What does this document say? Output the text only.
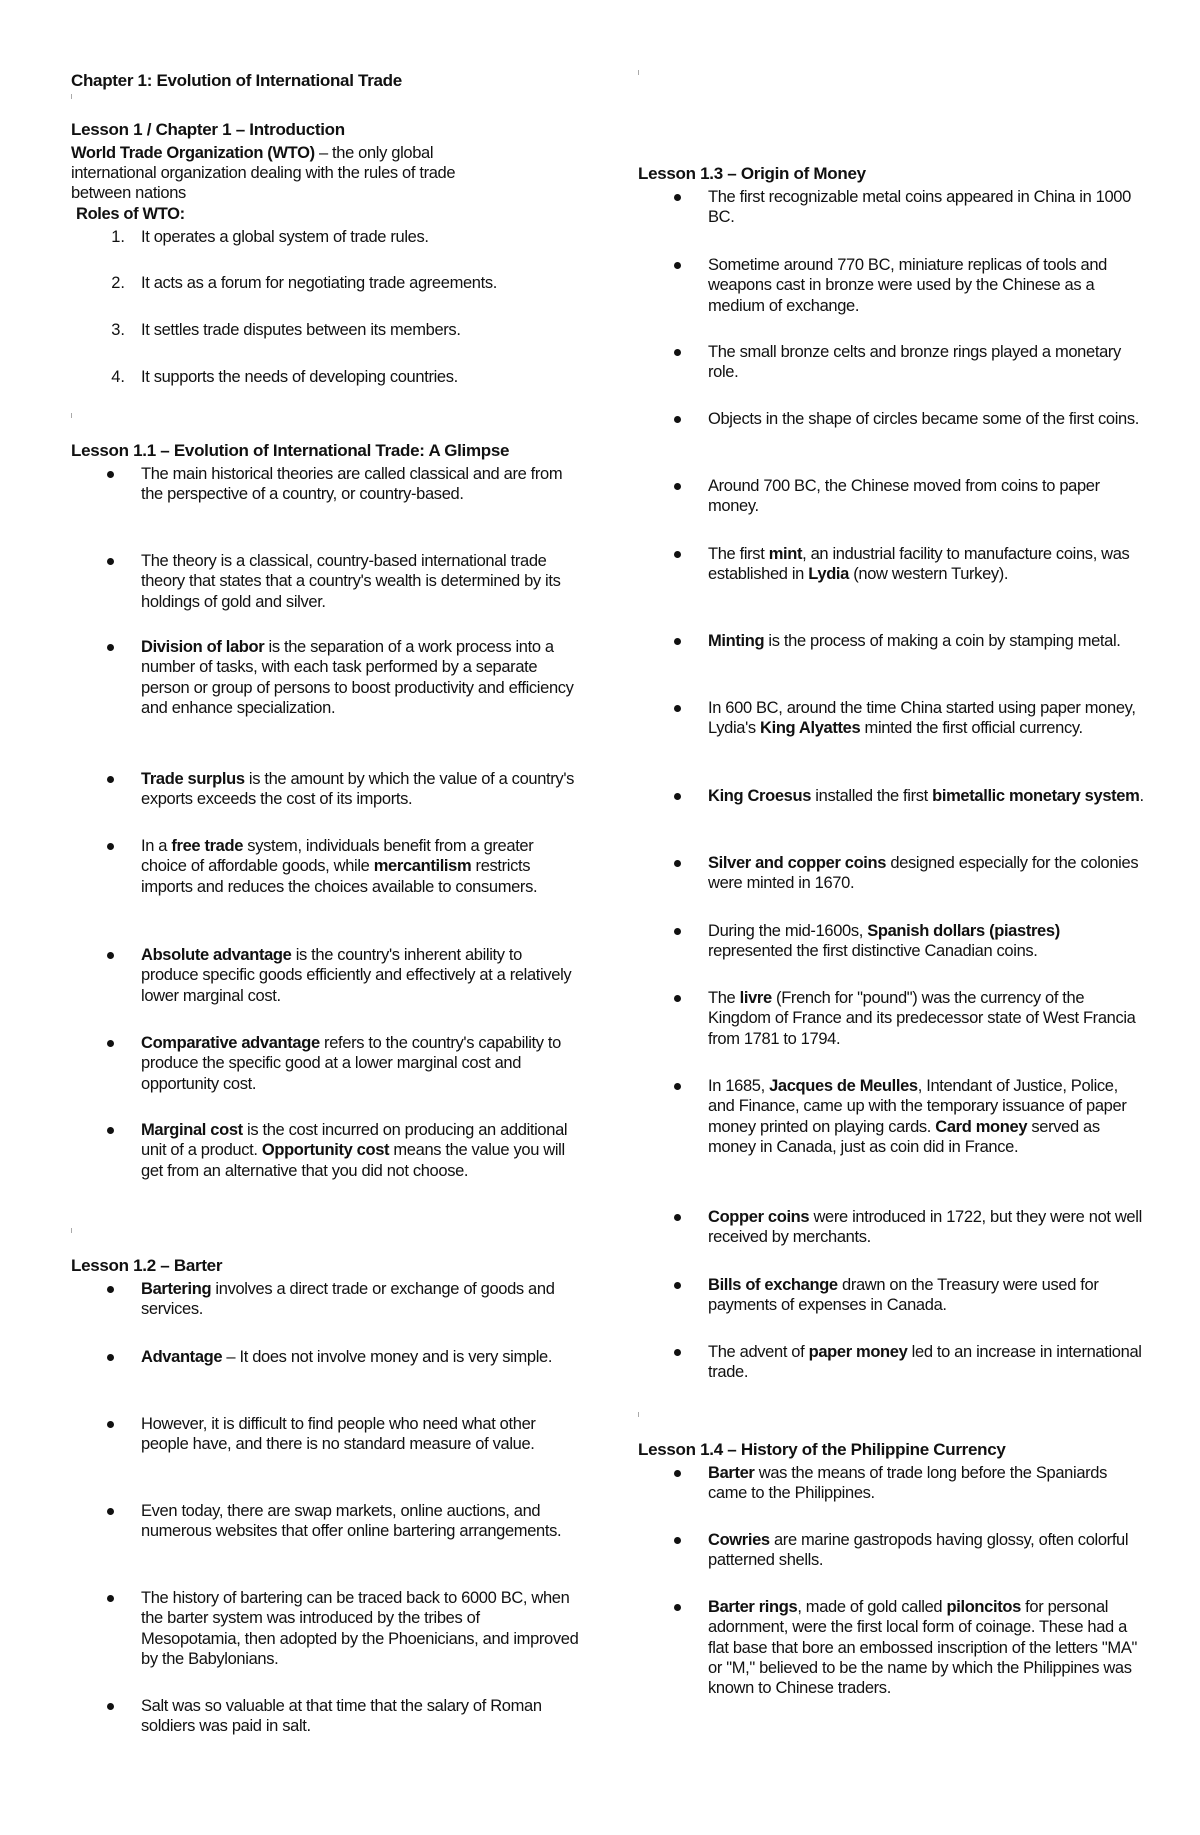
Chapter 1: Evolution of International Trade
Lesson 1 / Chapter 1 – Introduction
World Trade Organization (WTO) – the only global
international organization dealing with the rules of trade
between nations
Roles of WTO:
1. It operates a global system of trade rules.
2. It acts as a forum for negotiating trade agreements.
3. It settles trade disputes between its members.
4. It supports the needs of developing countries.
Lesson 1.1 – Evolution of International Trade: A Glimpse
The main historical theories are called classical and are from the perspective of a country, or country-based.
The theory is a classical, country-based international trade theory that states that a country's wealth is determined by its holdings of gold and silver.
Division of labor is the separation of a work process into a number of tasks, with each task performed by a separate person or group of persons to boost productivity and efficiency and enhance specialization.
Trade surplus is the amount by which the value of a country's exports exceeds the cost of its imports.
In a free trade system, individuals benefit from a greater choice of affordable goods, while mercantilism restricts imports and reduces the choices available to consumers.
Absolute advantage is the country's inherent ability to produce specific goods efficiently and effectively at a relatively lower marginal cost.
Comparative advantage refers to the country's capability to produce the specific good at a lower marginal cost and opportunity cost.
Marginal cost is the cost incurred on producing an additional unit of a product. Opportunity cost means the value you will get from an alternative that you did not choose.
Lesson 1.2 – Barter
Bartering involves a direct trade or exchange of goods and services.
Advantage – It does not involve money and is very simple.
However, it is difficult to find people who need what other people have, and there is no standard measure of value.
Even today, there are swap markets, online auctions, and numerous websites that offer online bartering arrangements.
The history of bartering can be traced back to 6000 BC, when the barter system was introduced by the tribes of Mesopotamia, then adopted by the Phoenicians, and improved by the Babylonians.
Salt was so valuable at that time that the salary of Roman soldiers was paid in salt.
Lesson 1.3 – Origin of Money
The first recognizable metal coins appeared in China in 1000 BC.
Sometime around 770 BC, miniature replicas of tools and weapons cast in bronze were used by the Chinese as a medium of exchange.
The small bronze celts and bronze rings played a monetary role.
Objects in the shape of circles became some of the first coins.
Around 700 BC, the Chinese moved from coins to paper money.
The first mint, an industrial facility to manufacture coins, was established in Lydia (now western Turkey).
Minting is the process of making a coin by stamping metal.
In 600 BC, around the time China started using paper money, Lydia's King Alyattes minted the first official currency.
King Croesus installed the first bimetallic monetary system.
Silver and copper coins designed especially for the colonies were minted in 1670.
During the mid-1600s, Spanish dollars (piastres) represented the first distinctive Canadian coins.
The livre (French for "pound") was the currency of the Kingdom of France and its predecessor state of West Francia from 1781 to 1794.
In 1685, Jacques de Meulles, Intendant of Justice, Police, and Finance, came up with the temporary issuance of paper money printed on playing cards. Card money served as money in Canada, just as coin did in France.
Copper coins were introduced in 1722, but they were not well received by merchants.
Bills of exchange drawn on the Treasury were used for payments of expenses in Canada.
The advent of paper money led to an increase in international trade.
Lesson 1.4 – History of the Philippine Currency
Barter was the means of trade long before the Spaniards came to the Philippines.
Cowries are marine gastropods having glossy, often colorful patterned shells.
Barter rings, made of gold called piloncitos for personal adornment, were the first local form of coinage. These had a flat base that bore an embossed inscription of the letters "MA" or "M," believed to be the name by which the Philippines was known to Chinese traders.
